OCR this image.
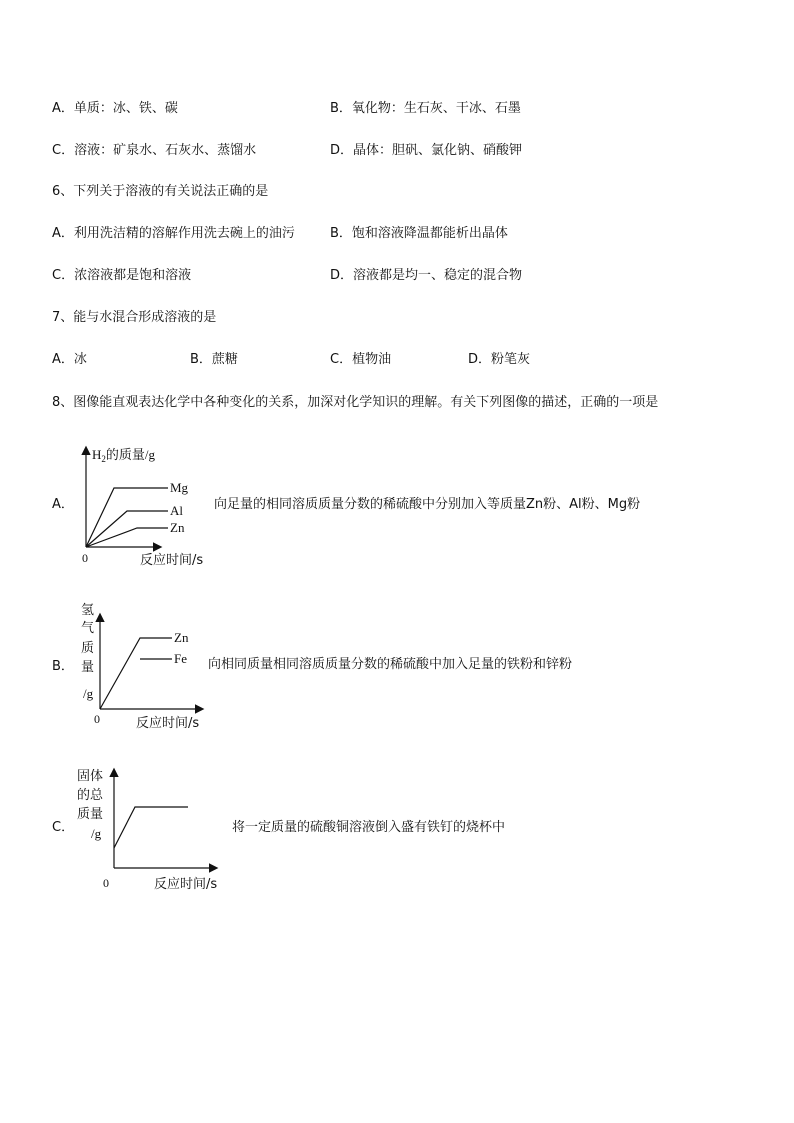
A．单质：冰、铁、碳	B．氧化物：生石灰、干冰、石墨
C．溶液：矿泉水、石灰水、蒸馏水	D．晶体：胆矾、氯化钠、硝酸钾
6、下列关于溶液的有关说法正确的是
A．利用洗洁精的溶解作用洗去碗上的油污	B．饱和溶液降温都能析出晶体
C．浓溶液都是饱和溶液	D．溶液都是均一、稳定的混合物
7、能与水混合形成溶液的是
A．冰	B．蔗糖	C．植物油	D．粉笔灰
8、图像能直观表达化学中各种变化的关系，加深对化学知识的理解。有关下列图像的描述，正确的一项是
A．
$H_2$的质量/g
0	反应时间/s
Mg
Al
Zn
向足量的相同溶质质量分数的稀硫酸中分别加入等质量Zn粉、Al粉、Mg粉
B．
氢
气
质
量
/g
0	反应时间/s
Zn
Fe 向相同质量相同溶质质量分数的稀硫酸中加入足量的铁粉和锌粉
C．
固体
的总
质量
/g
0	反应时间/s
将一定质量的硫酸铜溶液倒入盛有铁钉的烧杯中
